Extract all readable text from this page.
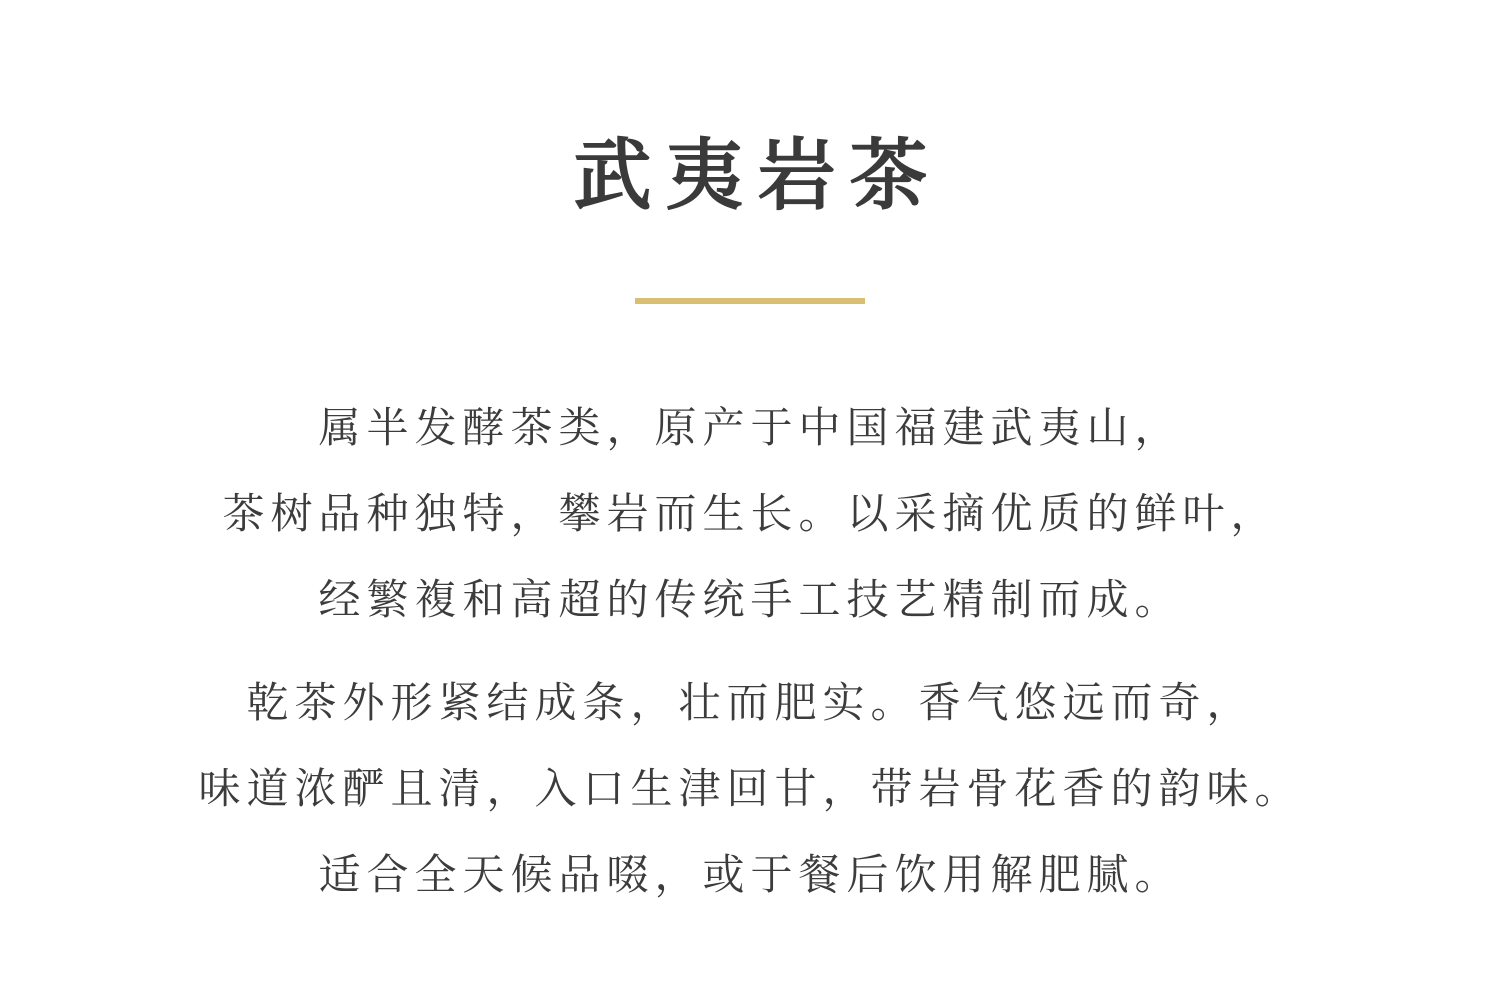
武夷岩茶
属半发酵茶类，原产于中国福建武夷山，
茶树品种独特，攀岩而生长。以采摘优质的鲜叶，
经繁複和高超的传统手工技艺精制而成。
乾茶外形紧结成条，壮而肥实。香气悠远而奇，
味道浓酽且清，入口生津回甘，带岩骨花香的韵味。
适合全天候品啜，或于餐后饮用解肥腻。
